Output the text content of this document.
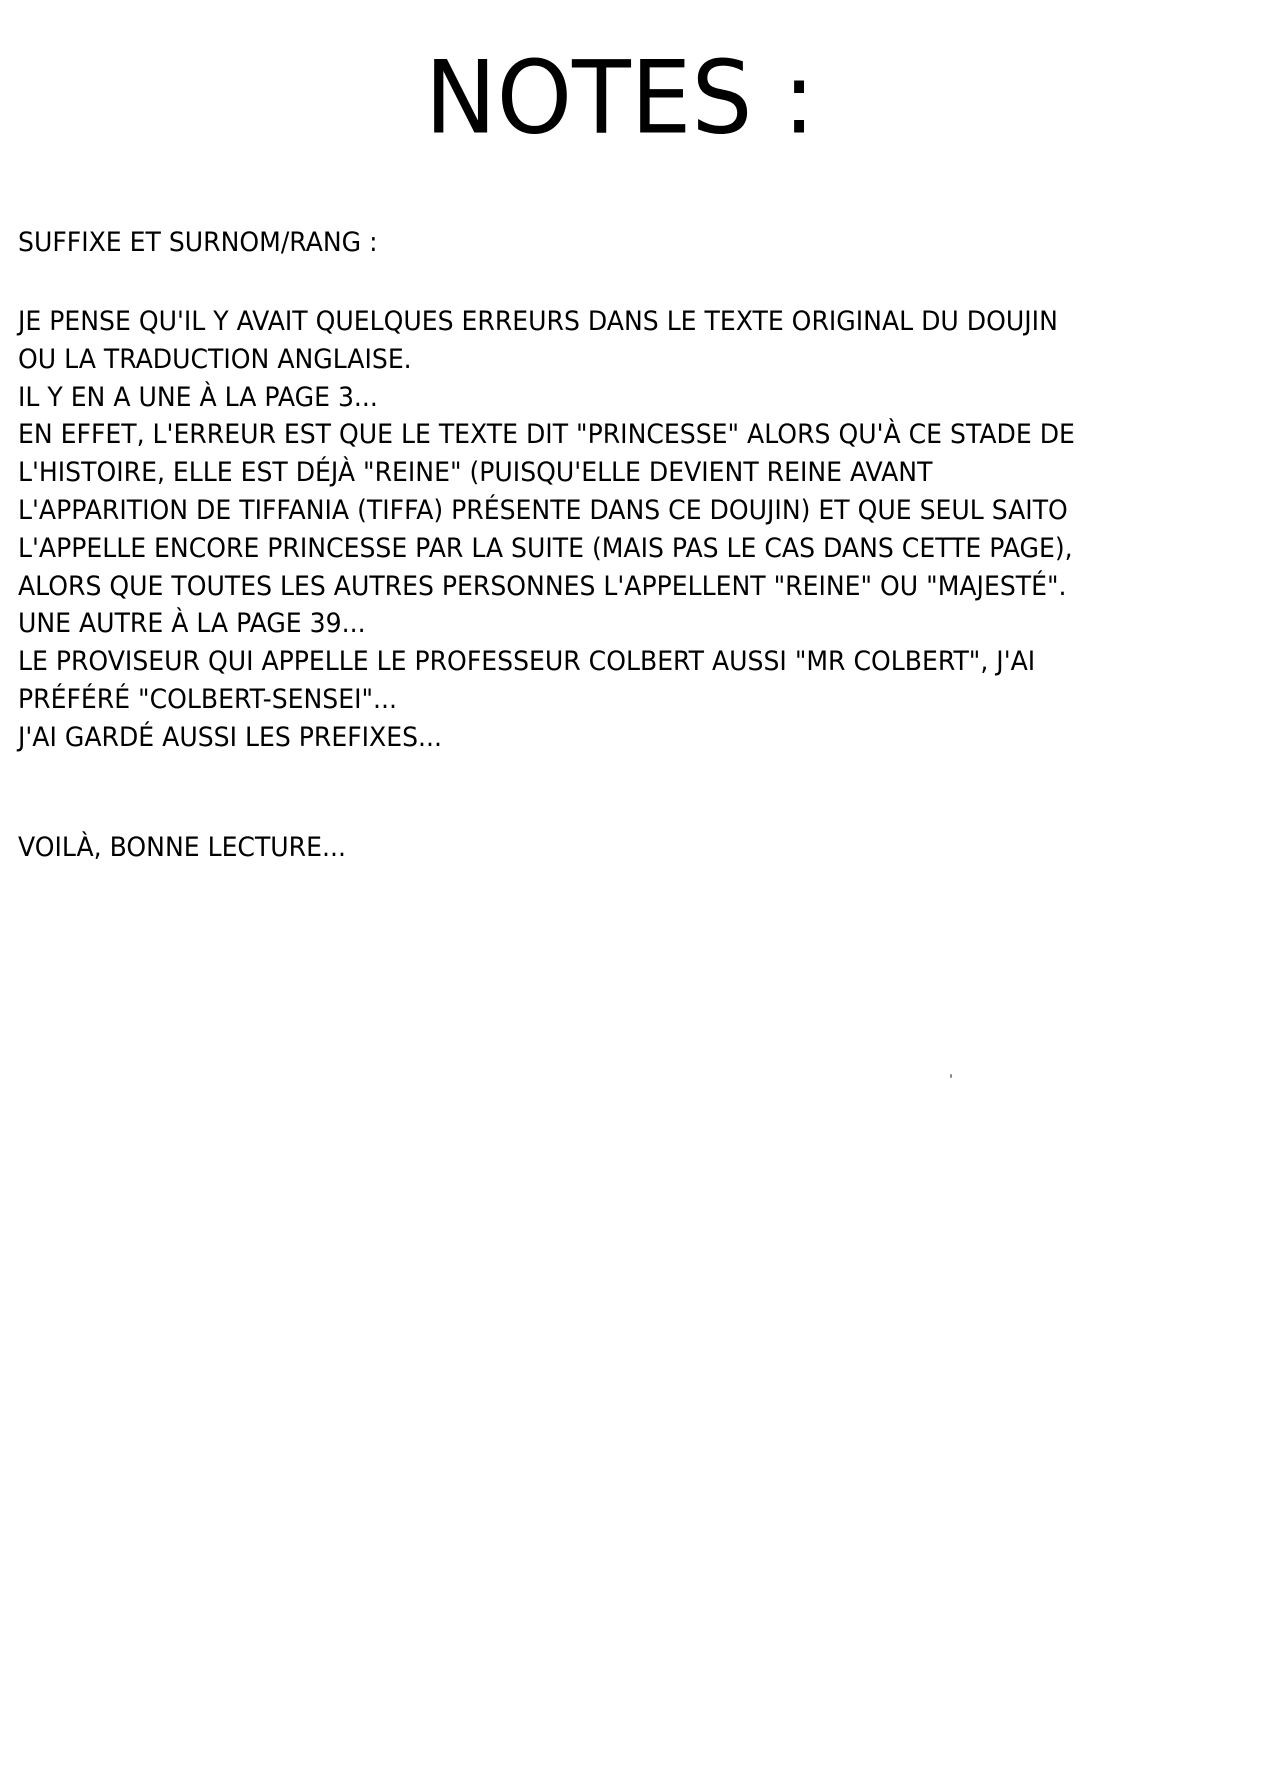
NOTES :
SUFFIXE ET SURNOM/RANG :
JE PENSE QU'IL Y AVAIT QUELQUES ERREURS DANS LE TEXTE ORIGINAL DU DOUJIN
OU LA TRADUCTION ANGLAISE.
IL Y EN A UNE À LA PAGE 3...
EN EFFET, L'ERREUR EST QUE LE TEXTE DIT "PRINCESSE" ALORS QU'À CE STADE DE
L'HISTOIRE, ELLE EST DÉJÀ "REINE" (PUISQU'ELLE DEVIENT REINE AVANT
L'APPARITION DE TIFFANIA (TIFFA) PRÉSENTE DANS CE DOUJIN) ET QUE SEUL SAITO
L'APPELLE ENCORE PRINCESSE PAR LA SUITE (MAIS PAS LE CAS DANS CETTE PAGE),
ALORS QUE TOUTES LES AUTRES PERSONNES L'APPELLENT "REINE" OU "MAJESTÉ".
UNE AUTRE À LA PAGE 39...
LE PROVISEUR QUI APPELLE LE PROFESSEUR COLBERT AUSSI "MR COLBERT", J'AI
PRÉFÉRÉ "COLBERT-SENSEI"...
J'AI GARDÉ AUSSI LES PREFIXES...
VOILÀ, BONNE LECTURE...
